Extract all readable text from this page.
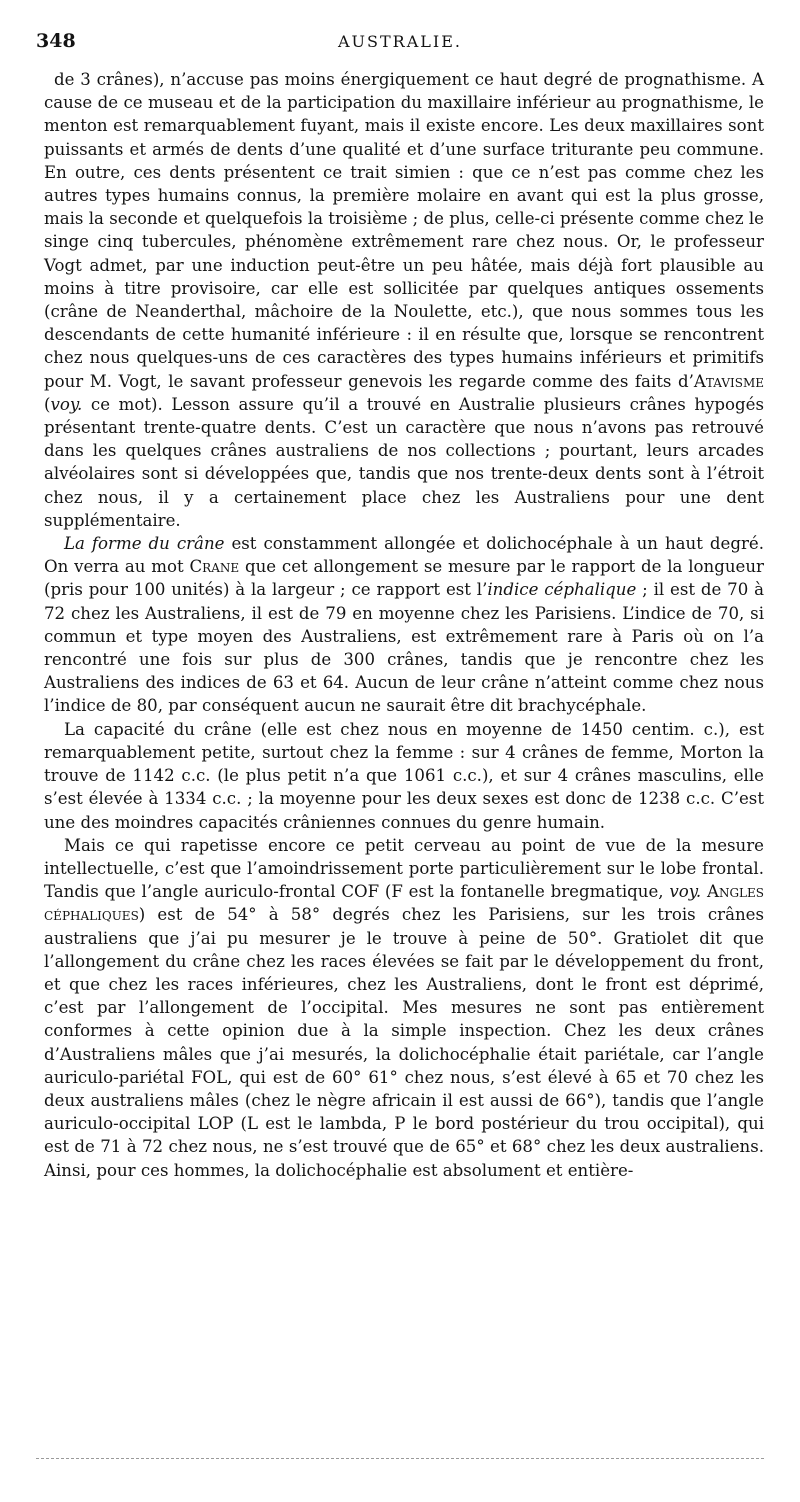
348	AUSTRALIE.

de 3 crânes), n’accuse pas moins énergiquement ce haut degré de prognathisme. A cause de ce museau et de la participation du maxillaire inférieur au prognathisme, le menton est remarquablement fuyant, mais il existe encore. Les deux maxillaires sont puissants et armés de dents d’une qualité et d’une surface triturante peu commune. En outre, ces dents présentent ce trait simien : que ce n’est pas comme chez les autres types humains connus, la première molaire en avant qui est la plus grosse, mais la seconde et quelquefois la troisième ; de plus, celle-ci présente comme chez le singe cinq tubercules, phénomène extrêmement rare chez nous. Or, le professeur Vogt admet, par une induction peut-être un peu hâtée, mais déjà fort plausible au moins à titre provisoire, car elle est sollicitée par quelques antiques ossements (crâne de Neanderthal, mâchoire de la Noulette, etc.), que nous sommes tous les descendants de cette humanité inférieure : il en résulte que, lorsque se rencontrent chez nous quelques-uns de ces caractères des types humains inférieurs et primitifs pour M. Vogt, le savant professeur genevois les regarde comme des faits d’Atavisme (voy. ce mot). Lesson assure qu’il a trouvé en Australie plusieurs crânes hypogés présentant trente-quatre dents. C’est un caractère que nous n’avons pas retrouvé dans les quelques crânes australiens de nos collections ; pourtant, leurs arcades alvéolaires sont si développées que, tandis que nos trente-deux dents sont à l’étroit chez nous, il y a certainement place chez les Australiens pour une dent supplémentaire.

La forme du crâne est constamment allongée et dolichocéphale à un haut degré. On verra au mot Crane que cet allongement se mesure par le rapport de la longueur (pris pour 100 unités) à la largeur ; ce rapport est l’indice céphalique ; il est de 70 à 72 chez les Australiens, il est de 79 en moyenne chez les Parisiens. L’indice de 70, si commun et type moyen des Australiens, est extrêmement rare à Paris où on l’a rencontré une fois sur plus de 300 crânes, tandis que je rencontre chez les Australiens des indices de 63 et 64. Aucun de leur crâne n’atteint comme chez nous l’indice de 80, par conséquent aucun ne saurait être dit brachycéphale.

La capacité du crâne (elle est chez nous en moyenne de 1450 centim. c.), est remarquablement petite, surtout chez la femme : sur 4 crânes de femme, Morton la trouve de 1142 c.c. (le plus petit n’a que 1061 c.c.), et sur 4 crânes masculins, elle s’est élevée à 1334 c.c. ; la moyenne pour les deux sexes est donc de 1238 c.c. C’est une des moindres capacités crâniennes connues du genre humain.

Mais ce qui rapetisse encore ce petit cerveau au point de vue de la mesure intellectuelle, c’est que l’amoindrissement porte particulièrement sur le lobe frontal. Tandis que l’angle auriculo-frontal COF (F est la fontanelle bregmatique, voy. Angles céphaliques) est de 54° à 58° degrés chez les Parisiens, sur les trois crânes australiens que j’ai pu mesurer je le trouve à peine de 50°. Gratiolet dit que l’allongement du crâne chez les races élevées se fait par le développement du front, et que chez les races inférieures, chez les Australiens, dont le front est déprimé, c’est par l’allongement de l’occipital. Mes mesures ne sont pas entièrement conformes à cette opinion due à la simple inspection. Chez les deux crânes d’Australiens mâles que j’ai mesurés, la dolichocéphalie était pariétale, car l’angle auriculo-pariétal FOL, qui est de 60° 61° chez nous, s’est élevé à 65 et 70 chez les deux australiens mâles (chez le nègre africain il est aussi de 66°), tandis que l’angle auriculo-occipital LOP (L est le lambda, P le bord postérieur du trou occipital), qui est de 71 à 72 chez nous, ne s’est trouvé que de 65° et 68° chez les deux australiens. Ainsi, pour ces hommes, la dolichocéphalie est absolument et entière-
